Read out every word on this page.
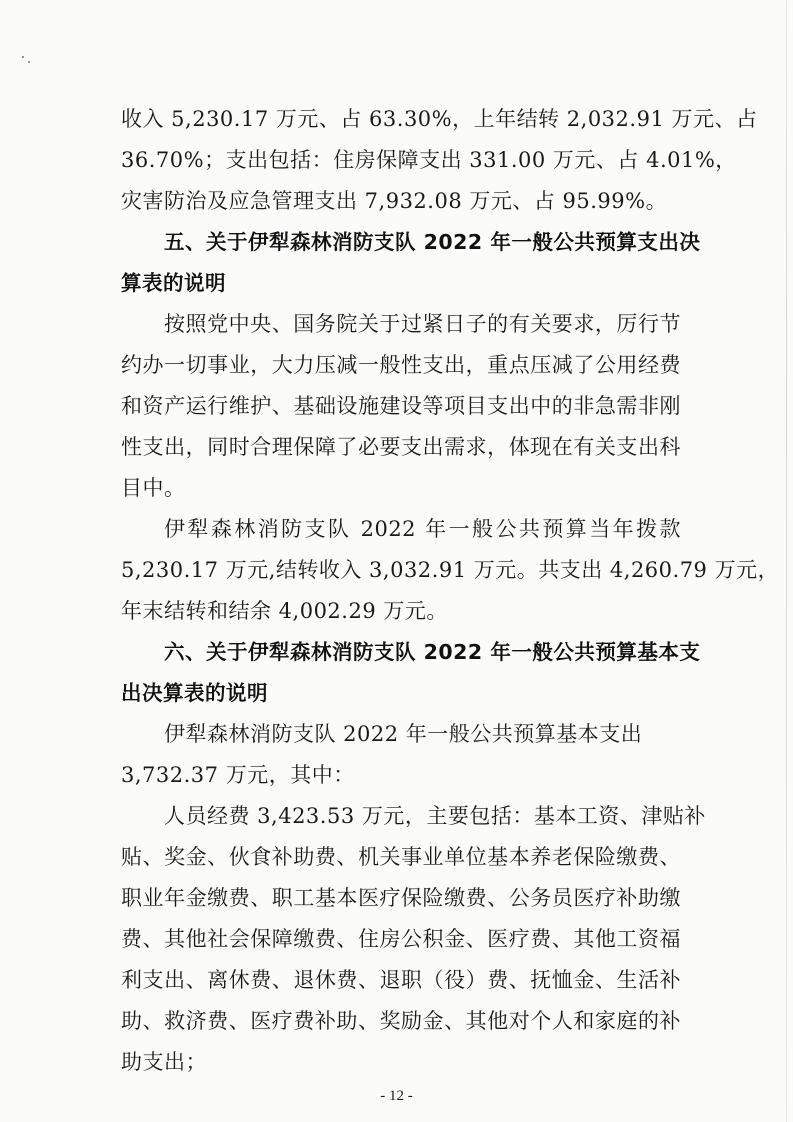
收入 5,230.17 万元、占 63.30%，上年结转 2,032.91 万元、占
36.70%；支出包括：住房保障支出 331.00 万元、占 4.01%，
灾害防治及应急管理支出 7,932.08 万元、占 95.99%。
五、关于伊犁森林消防支队 2022 年一般公共预算支出决
算表的说明
按照党中央、国务院关于过紧日子的有关要求，厉行节
约办一切事业，大力压减一般性支出，重点压减了公用经费
和资产运行维护、基础设施建设等项目支出中的非急需非刚
性支出，同时合理保障了必要支出需求，体现在有关支出科
目中。
伊犁森林消防支队 2022 年一般公共预算当年拨款
5,230.17 万元,结转收入 3,032.91 万元。共支出 4,260.79 万元，
年末结转和结余 4,002.29 万元。
六、关于伊犁森林消防支队 2022 年一般公共预算基本支
出决算表的说明
伊犁森林消防支队 2022 年一般公共预算基本支出
3,732.37 万元，其中：
人员经费 3,423.53 万元，主要包括：基本工资、津贴补
贴、奖金、伙食补助费、机关事业单位基本养老保险缴费、
职业年金缴费、职工基本医疗保险缴费、公务员医疗补助缴
费、其他社会保障缴费、住房公积金、医疗费、其他工资福
利支出、离休费、退休费、退职（役）费、抚恤金、生活补
助、救济费、医疗费补助、奖励金、其他对个人和家庭的补
助支出；
- 12 -
